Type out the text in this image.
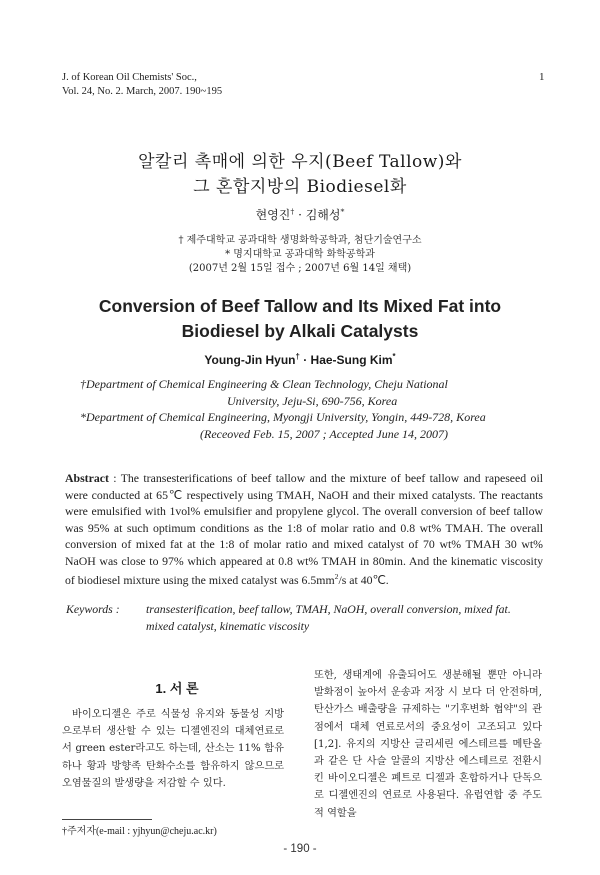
J. of Korean Oil Chemists' Soc.,
Vol. 24, No. 2. March, 2007. 190~195
1
알칼리 촉매에 의한 우지(Beef Tallow)와
그 혼합지방의 Biodiesel화
현영진† · 김해성*
† 제주대학교 공과대학 생명화학공학과, 첨단기술연구소
* 명지대학교 공과대학 화학공학과
(2007년 2월 15일 접수 ; 2007년 6월 14일 채택)
Conversion of Beef Tallow and Its Mixed Fat into
Biodiesel by Alkali Catalysts
Young-Jin Hyun† · Hae-Sung Kim*
†Department of Chemical Engineering & Clean Technology, Cheju National
University, Jeju-Si, 690-756, Korea
*Department of Chemical Engineering, Myongji University, Yongin, 449-728, Korea
(Receoved Feb. 15, 2007 ; Accepted June 14, 2007)
Abstract : The transesterifications of beef tallow and the mixture of beef tallow and rapeseed oil were conducted at 65℃ respectively using TMAH, NaOH and their mixed catalysts. The reactants were emulsified with 1vol% emulsifier and propylene glycol. The overall conversion of beef tallow was 95% at such optimum conditions as the 1:8 of molar ratio and 0.8 wt% TMAH. The overall conversion of mixed fat at the 1:8 of molar ratio and mixed catalyst of 70 wt% TMAH 30 wt% NaOH was close to 97% which appeared at 0.8 wt% TMAH in 80min. And the kinematic viscosity of biodiesel mixture using the mixed catalyst was $6.5mm^2/s$ at 40℃.
Keywords : transesterification, beef tallow, TMAH, NaOH, overall conversion, mixed fat.
mixed catalyst, kinematic viscosity
1. 서 론
바이오디젤은 주로 식물성 유지와 동물성 지방으로부터 생산할 수 있는 디젤엔진의 대체연료로서 green ester라고도 하는데, 산소는 11% 함유하나 황과 방향족 탄화수소를 함유하지 않으므로 오염물질의 발생량을 저감할 수 있다.
또한, 생태계에 유출되어도 생분해될 뿐만 아니라 발화점이 높아서 운송과 저장 시 보다 더 안전하며, 탄산가스 배출량을 규제하는 "기후변화 협약"의 관점에서 대체 연료로서의 중요성이 고조되고 있다[1,2]. 유지의 지방산 글리세린 에스테르를 메탄올과 같은 단 사슬 알콜의 지방산 에스테르로 전환시킨 바이오디젤은 폐트로 디젤과 혼합하거나 단독으로 디젤엔진의 연료로 사용된다. 유럽연합 중 주도적 역할을
†주저자(e-mail : yjhyun@cheju.ac.kr)
- 190 -
